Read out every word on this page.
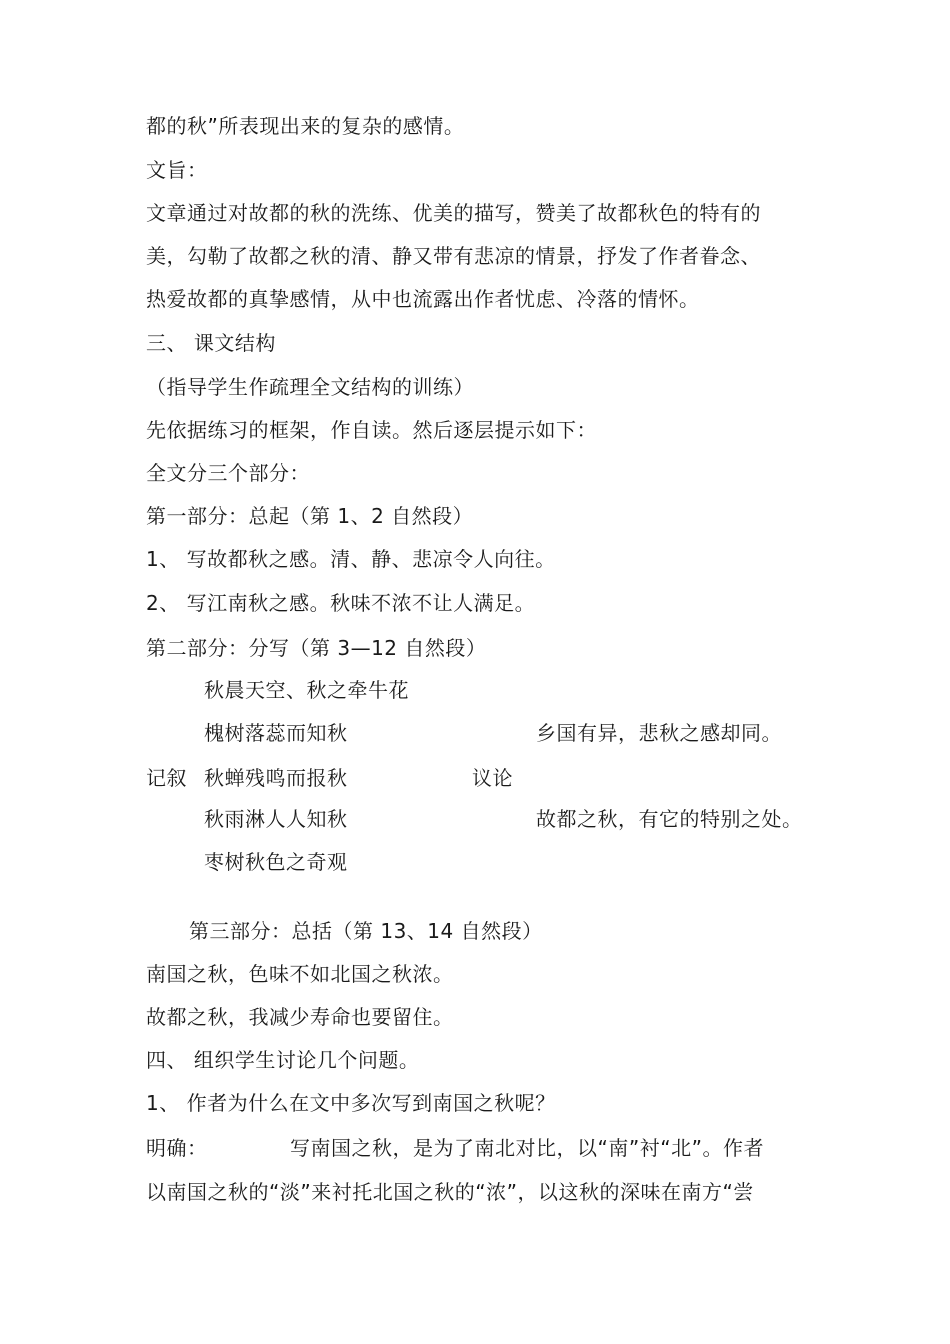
都的秋”所表现出来的复杂的感情。
文旨：
文章通过对故都的秋的洗练、优美的描写，赞美了故都秋色的特有的
美，勾勒了故都之秋的清、静又带有悲凉的情景，抒发了作者眷念、
热爱故都的真挚感情，从中也流露出作者忧虑、冷落的情怀。
三、 课文结构
（指导学生作疏理全文结构的训练）
先依据练习的框架，作自读。然后逐层提示如下：
全文分三个部分：
第一部分：总起（第 1、2 自然段）
1、 写故都秋之感。清、静、悲凉令人向往。
2、 写江南秋之感。秋味不浓不让人满足。
第二部分：分写（第 3—12 自然段）
秋晨天空、秋之牵牛花
槐树落蕊而知秋	乡国有异，悲秋之感却同。
记叙 秋蝉残鸣而报秋	议论
秋雨淋人人知秋	故都之秋，有它的特别之处。
枣树秋色之奇观
第三部分：总括（第 13、14 自然段）
南国之秋，色味不如北国之秋浓。
故都之秋，我减少寿命也要留住。
四、 组织学生讨论几个问题。
1、 作者为什么在文中多次写到南国之秋呢？
明确：	写南国之秋，是为了南北对比，以“南”衬“北”。作者
以南国之秋的“淡”来衬托北国之秋的“浓”，以这秋的深味在南方“尝
